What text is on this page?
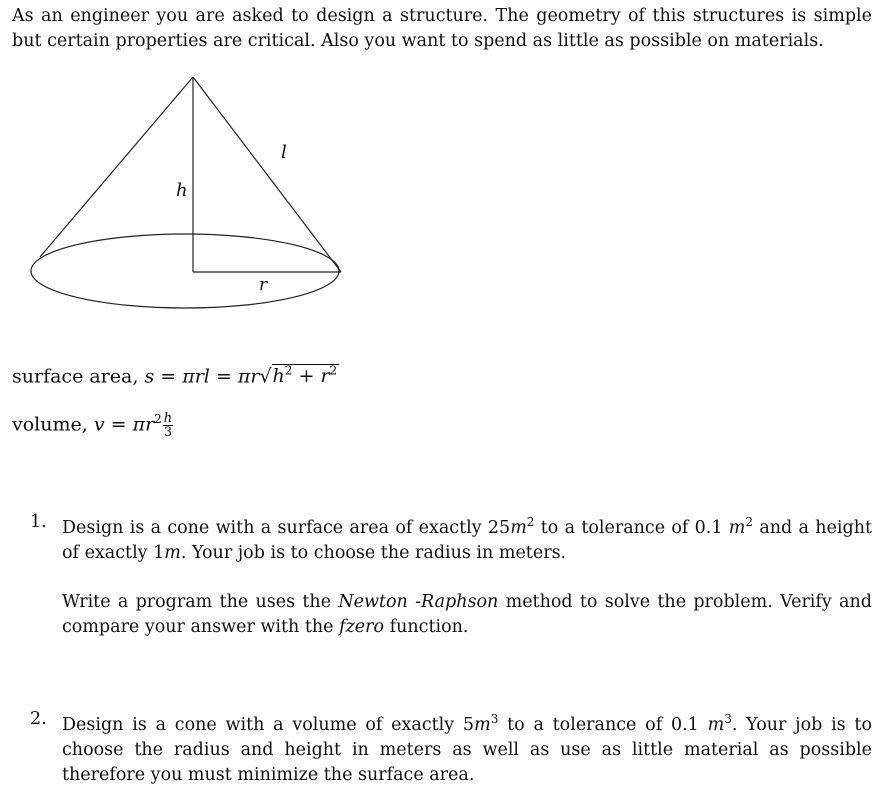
As an engineer you are asked to design a structure. The geometry of this structures is simple but certain properties are critical. Also you want to spend as little as possible on materials.

h
l
r
surface area, $s = \pi rl = \pi r√h^2 + r^2$
volume, $v = \pi r^2 \frac{h}{3}$
1. Design is a cone with a surface area of exactly $25m^2$ to a tolerance of 0.1 $m^2$ and a height of exactly 1m. Your job is to choose the radius in meters.
Write a program the uses the Newton -Raphson method to solve the problem. Verify and compare your answer with the fzero function.
2. Design is a cone with a volume of exactly $5m^3$ to a tolerance of 0.1 $m^3$. Your job is to choose the radius and height in meters as well as use as little material as possible therefore you must minimize the surface area.
